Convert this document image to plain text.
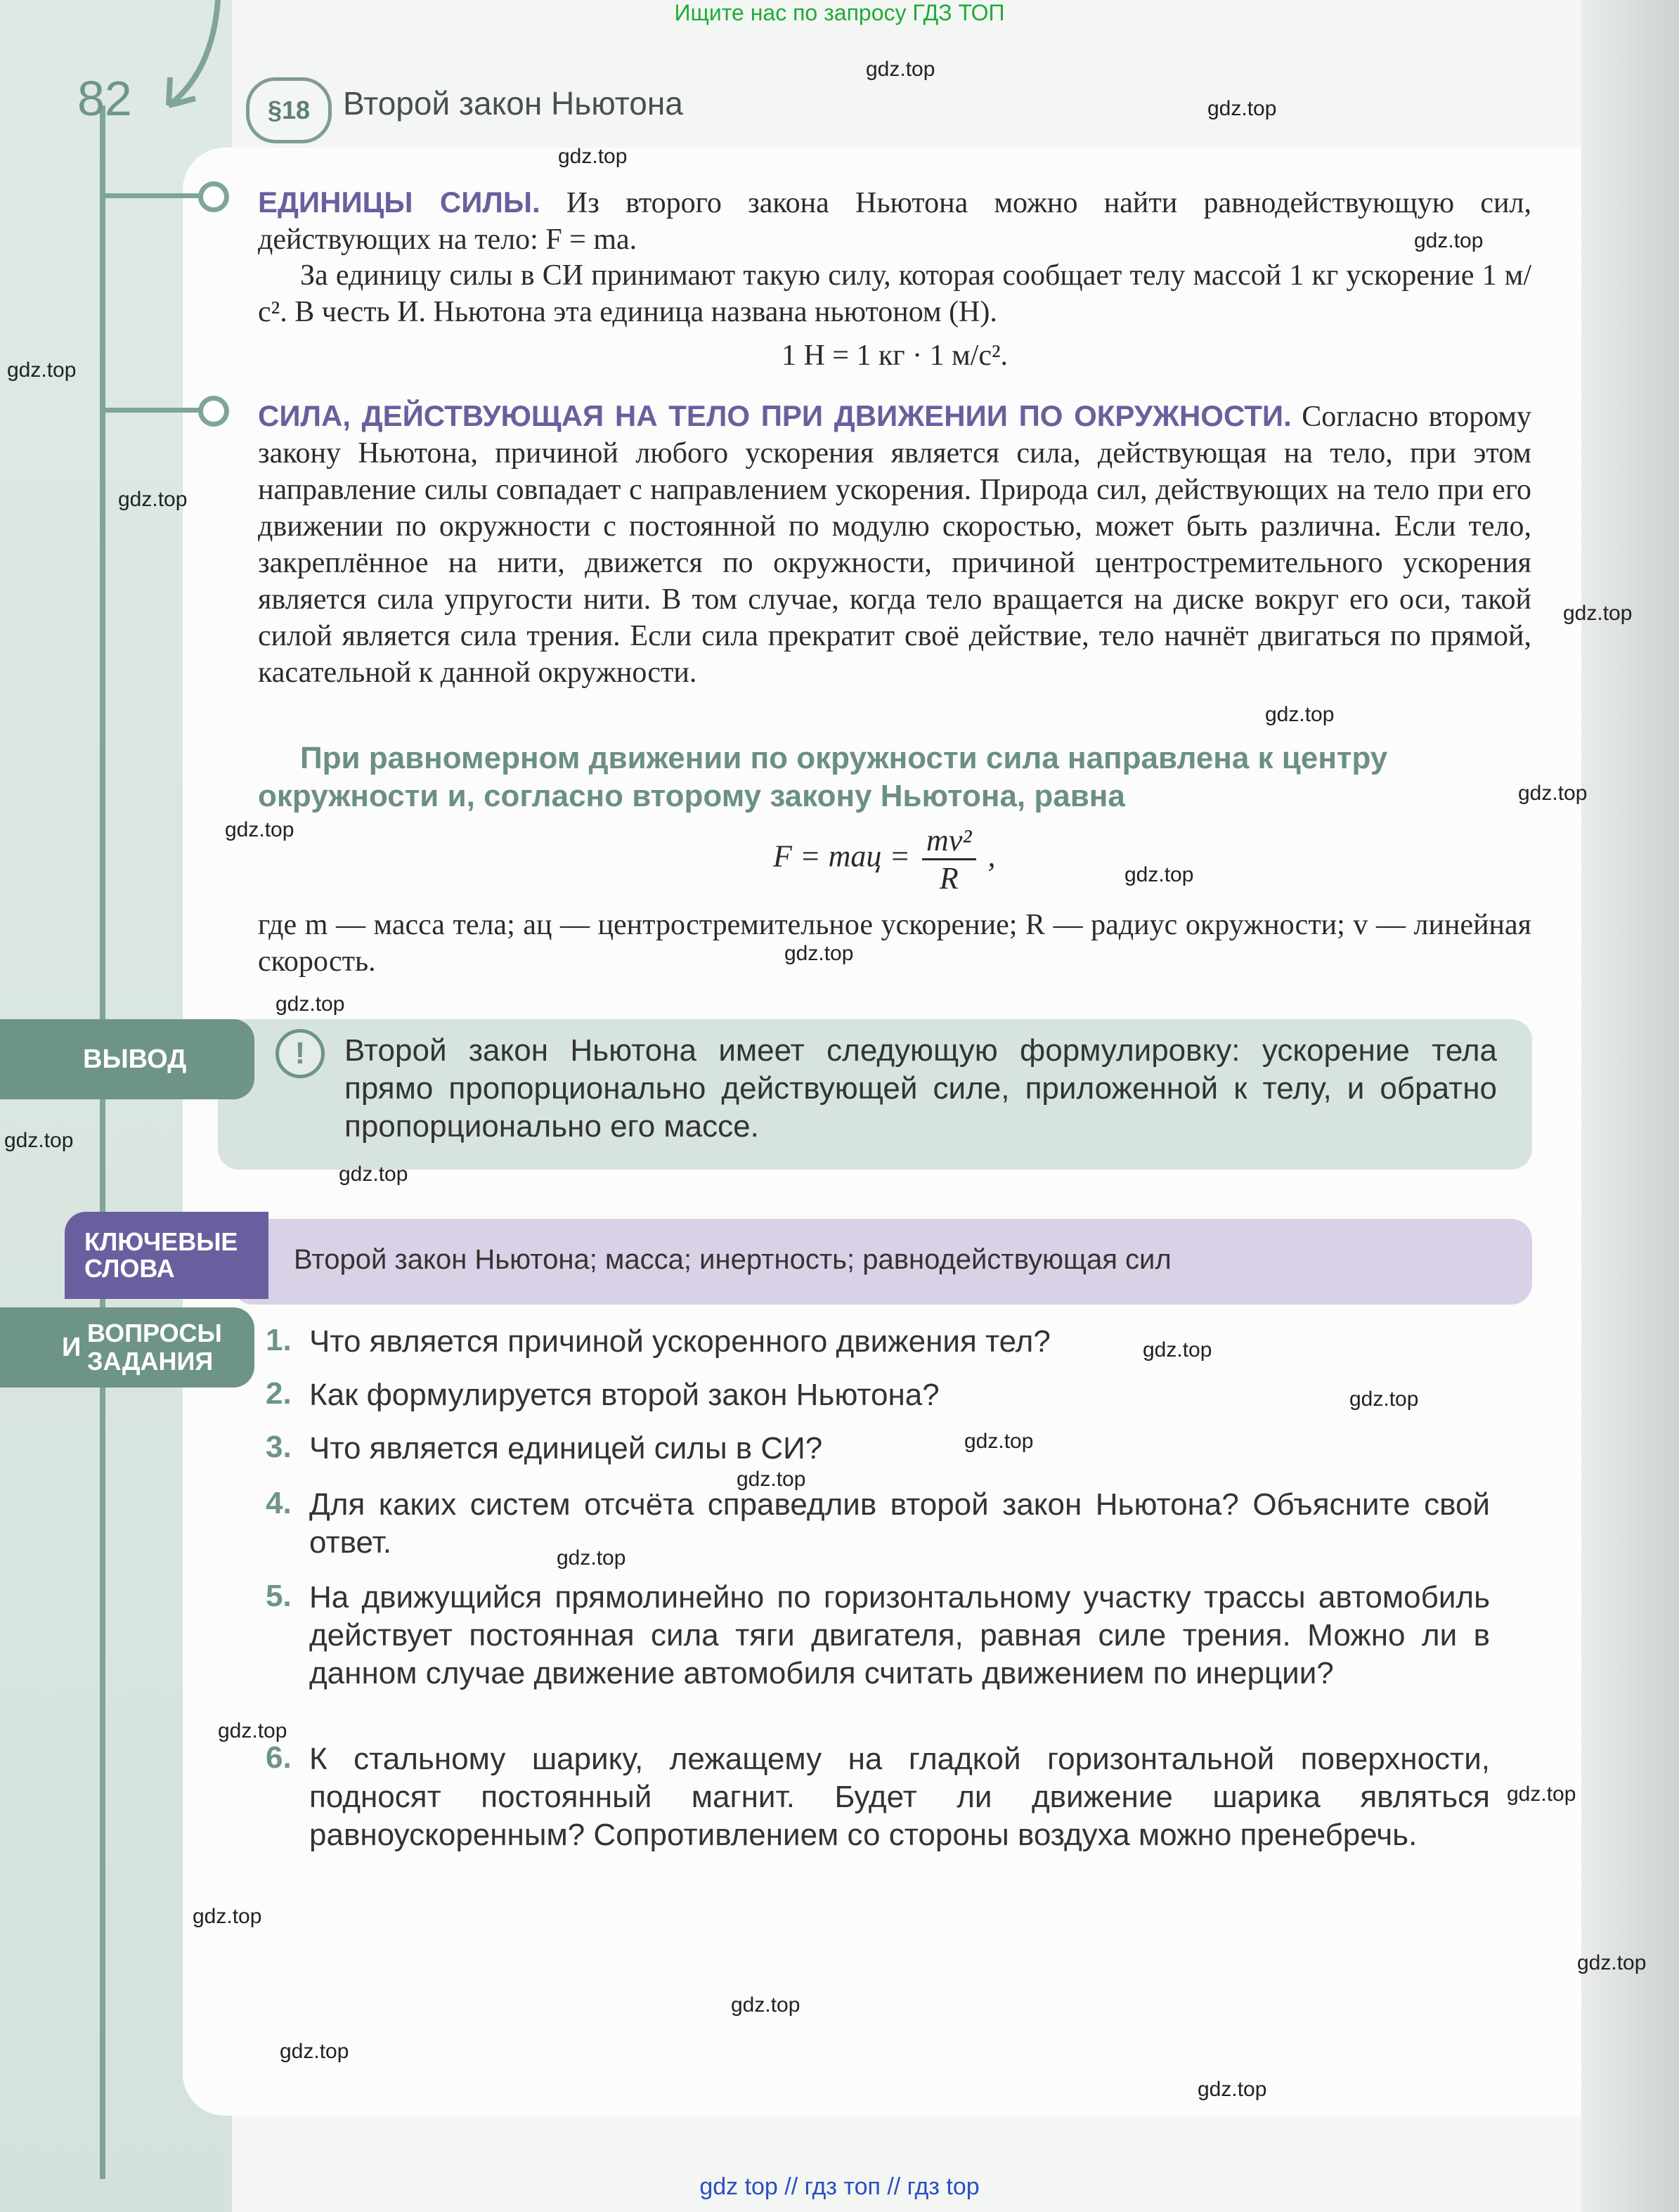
Ищите нас по запросу ГДЗ ТОП
82	§18	Второй закон Ньютона
ЕДИНИЦЫ СИЛЫ. Из второго закона Ньютона можно найти равнодействующую сил, действующих на тело: F = ma.
За единицу силы в СИ принимают такую силу, которая сообщает телу массой 1 кг ускорение 1 м/с². В честь И. Ньютона эта единица названа ньютоном (Н).
1 Н = 1 кг · 1 м/с².
СИЛА, ДЕЙСТВУЮЩАЯ НА ТЕЛО ПРИ ДВИЖЕНИИ ПО ОКРУЖНОСТИ. Согласно второму закону Ньютона, причиной любого ускорения является сила, действующая на тело, при этом направление силы совпадает с направлением ускорения. Природа сил, действующих на тело при его движении по окружности с постоянной по модулю скоростью, может быть различна. Если тело, закреплённое на нити, движется по окружности, причиной центростремительного ускорения является сила упругости нити. В том случае, когда тело вращается на диске вокруг его оси, такой силой является сила трения. Если сила прекратит своё действие, тело начнёт двигаться по прямой, касательной к данной окружности.
При равномерном движении по окружности сила направлена к центру окружности и, согласно второму закону Ньютона, равна
F = maц = $\frac{\text{mv²}}{R}$ ,
где m — масса тела; aц — центростремительное ускорение; R — радиус окружности; v — линейная скорость.
ВЫВОД	!	Второй закон Ньютона имеет следующую формулировку: ускорение тела прямо пропорционально действующей силе, приложенной к телу, и обратно пропорционально его массе.
КЛЮЧЕВЫЕ
СЛОВА	Второй закон Ньютона; масса; инертность; равнодействующая сил
И ВОПРОСЫ
ЗАДАНИЯ
1. Что является причиной ускоренного движения тел?
2. Как формулируется второй закон Ньютона?
3. Что является единицей силы в СИ?
4. Для каких систем отсчёта справедлив второй закон Ньютона? Объясните свой ответ.
5. На движущийся прямолинейно по горизонтальному участку трассы автомобиль действует постоянная сила тяги двигателя, равная силе трения. Можно ли в данном случае движение автомобиля считать движением по инерции?
6. К стальному шарику, лежащему на гладкой горизонтальной поверхности, подносят постоянный магнит. Будет ли движение шарика являться равноускоренным? Сопротивлением со стороны воздуха можно пренебречь.
gdz.top
gdz.top
gdz.top
gdz.top
gdz.top
gdz.top
gdz.top
gdz.top
gdz.top
gdz.top
gdz.top
gdz.top
gdz.top
gdz.top
gdz.top
gdz.top
gdz.top
gdz.top
gdz.top
gdz.top
gdz.top
gdz.top
gdz.top
gdz.top
gdz.top
gdz.top
gdz.top
gdz top // гдз топ // гдз top
